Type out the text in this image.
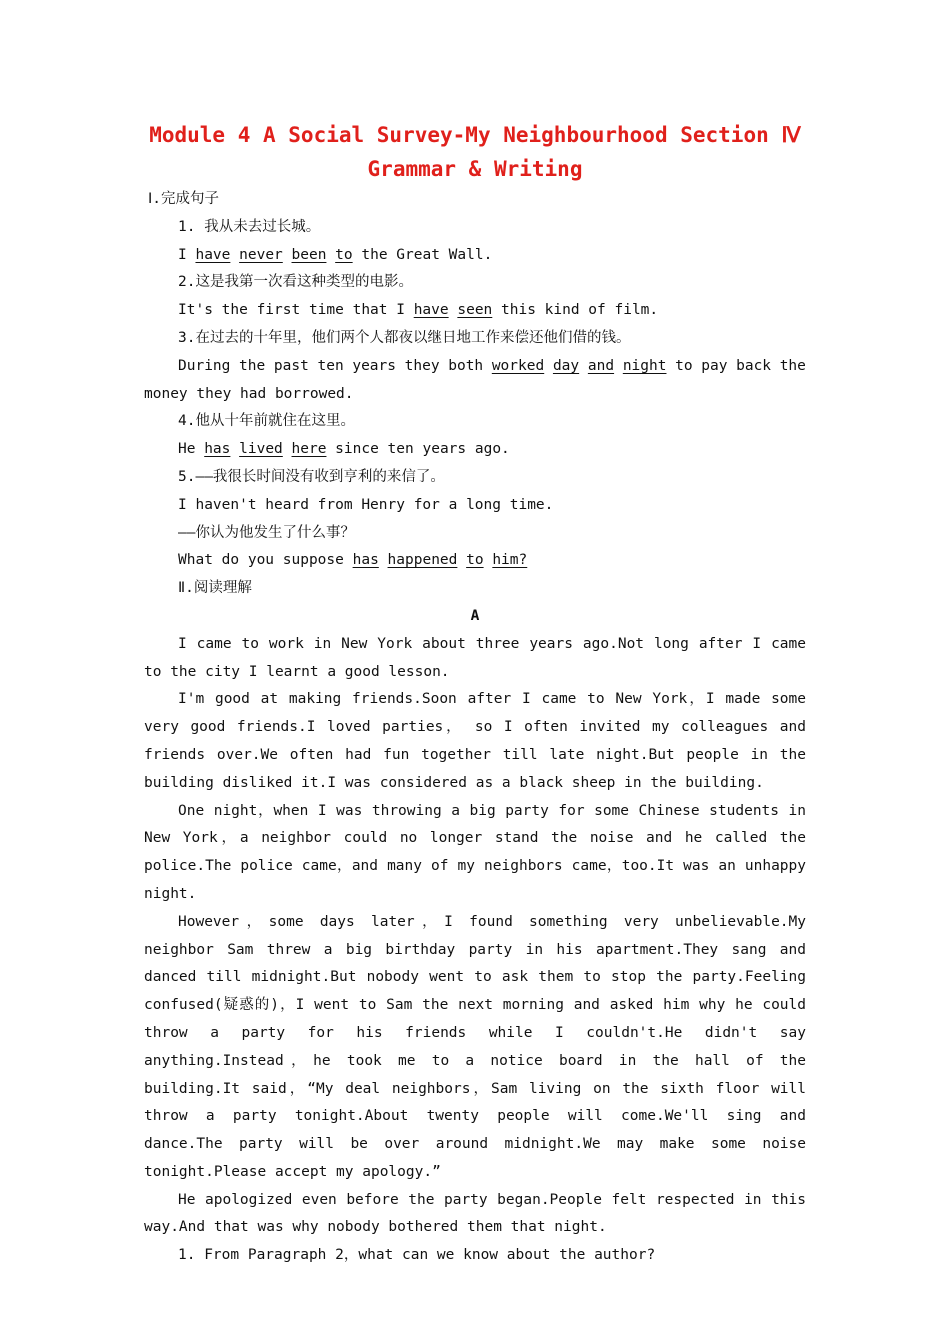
Module 4 A Social Survey-My Neighbourhood Section Ⅳ
Grammar & Writing
Ⅰ.完成句子
1. 我从未去过长城。
I have never been to the Great Wall.
2.这是我第一次看这种类型的电影。
It's the first time that I have seen this kind of film.
3.在过去的十年里，他们两个人都夜以继日地工作来偿还他们借的钱。
During the past ten years they both worked day and night to pay back the
money they had borrowed.
4.他从十年前就住在这里。
He has lived here since ten years ago.
5.——我很长时间没有收到亨利的来信了。
I haven't heard from Henry for a long time.
——你认为他发生了什么事？
What do you suppose has happened to him?
Ⅱ.阅读理解
A
I came to work in New York about three years ago.Not long after I came to the city I learnt a good lesson.
I'm good at making friends.Soon after I came to New York，I made some very good friends.I loved parties， so I often invited my colleagues and friends over.We often had fun together till late night.But people in the building disliked it.I was considered as a black sheep in the building.
One night，when I was throwing a big party for some Chinese students in New York，a neighbor could no longer stand the noise and he called the police.The police came，and many of my neighbors came，too.It was an unhappy night.
However，some days later，I found something very unbelievable.My neighbor Sam threw a big birthday party in his apartment.They sang and danced till midnight.But nobody went to ask them to stop the party.Feeling confused(疑惑的)，I went to Sam the next morning and asked him why he could throw a party for his friends while I couldn't.He didn't say anything.Instead，he took me to a notice board in the hall of the building.It said，“My deal neighbors，Sam living on the sixth floor will throw a party tonight.About twenty people will come.We'll sing and dance.The party will be over around midnight.We may make some noise tonight.Please accept my apology.”
He apologized even before the party began.People felt respected in this way.And that was why nobody bothered them that night.
1. From Paragraph 2，what can we know about the author?
